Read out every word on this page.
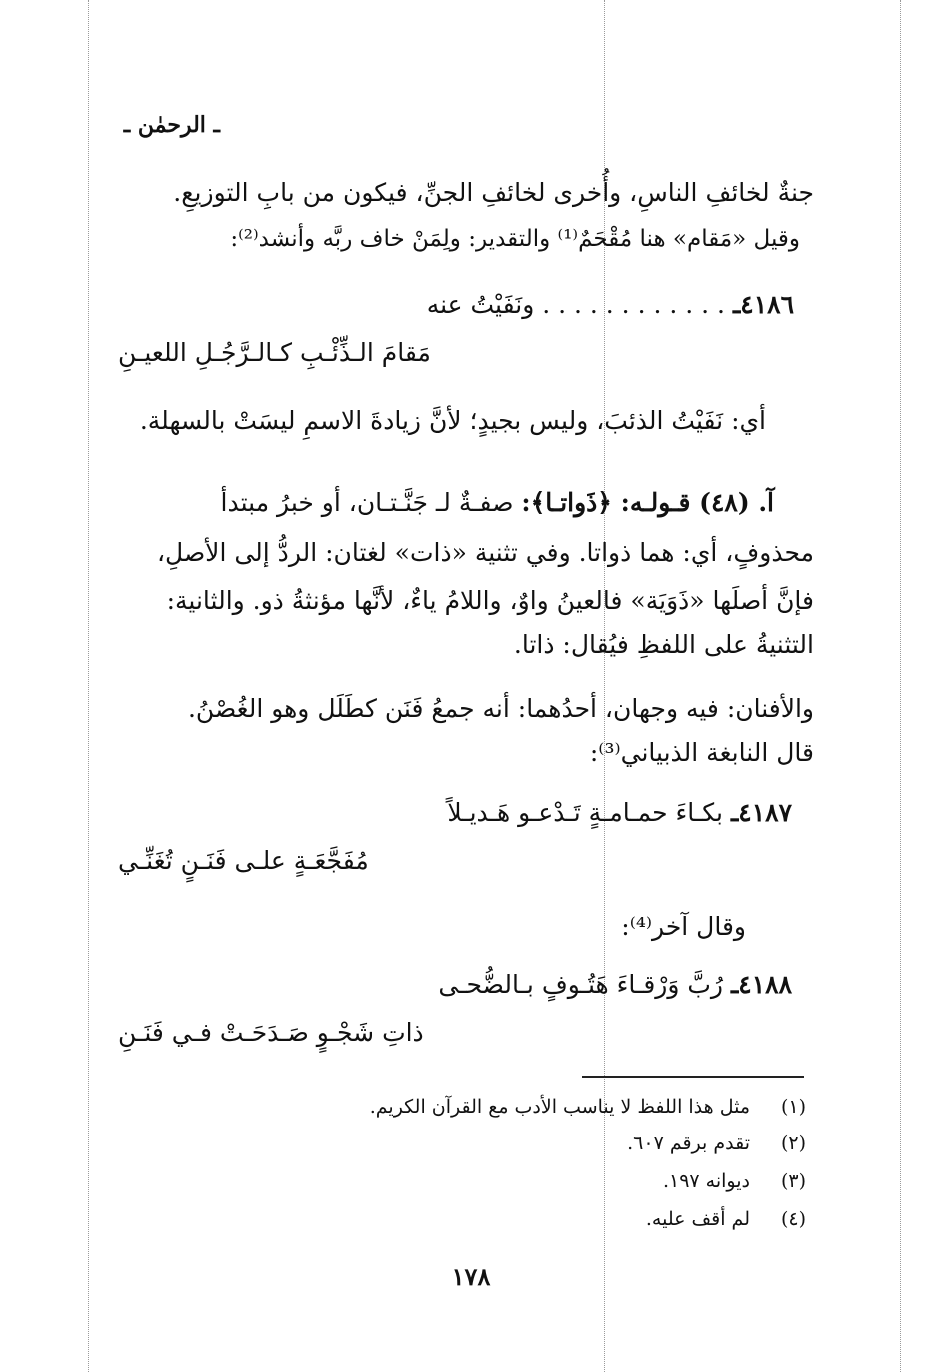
ـ الرحمٰن ـ
جنةٌ لخائفِ الناسِ، وأُخرى لخائفِ الجنِّ، فيكون من بابِ التوزيعِ.
وقيل «مَقام» هنا مُقْحَمٌ⁽¹⁾ والتقدير: ولِمَنْ خاف ربَّه وأنشد⁽²⁾:
٤١٨٦ـ . . . . . . . . . . . . ونَفَيْتُ عنه
مَقامَ الـذِّئْـبِ كـالـرَّجُـلِ اللعيـنِ
أي: نَفَيْتُ الذئبَ، وليس بجيدٍ؛ لأنَّ زيادةَ الاسمِ ليسَتْ بالسهلة.
آ. (٤٨) قـولـه: ﴿ذَواتـا﴾: صفـةٌ لـ جَنَّـتـان، أو خبرُ مبتدأ
محذوفٍ، أي: هما ذواتا. وفي تثنية «ذات» لغتان: الردُّ إلى الأصلِ،
فإنَّ أصلَها «ذَوَيَة» فالعينُ واوٌ، واللامُ ياءٌ، لأنَّها مؤنثةُ ذو. والثانية:
التثنيةُ على اللفظِ فيُقال: ذاتا.
والأفنان: فيه وجهان، أحدُهما: أنه جمعُ فَنَن كطَلَل وهو الغُصْنُ.
قال النابغة الذبياني⁽³⁾:
٤١٨٧ـ بكـاءَ حمـامـةٍ تَـدْعـو هَـديـلاً
مُفَجَّعَـةٍ علـى فَنَـنٍ تُغَنِّـي
وقال آخر⁽⁴⁾:
٤١٨٨ـ رُبَّ وَرْقـاءَ هَتُـوفٍ بـالضُّحـى
ذاتِ شَجْـوٍ صَـدَحَـتْ فـي فَنَـنِ
(١)مثل هذا اللفظ لا يناسب الأدب مع القرآن الكريم.
(٢)تقدم برقم ٦٠٧.
(٣)ديوانه ١٩٧.
(٤)لم أقف عليه.
١٧٨
